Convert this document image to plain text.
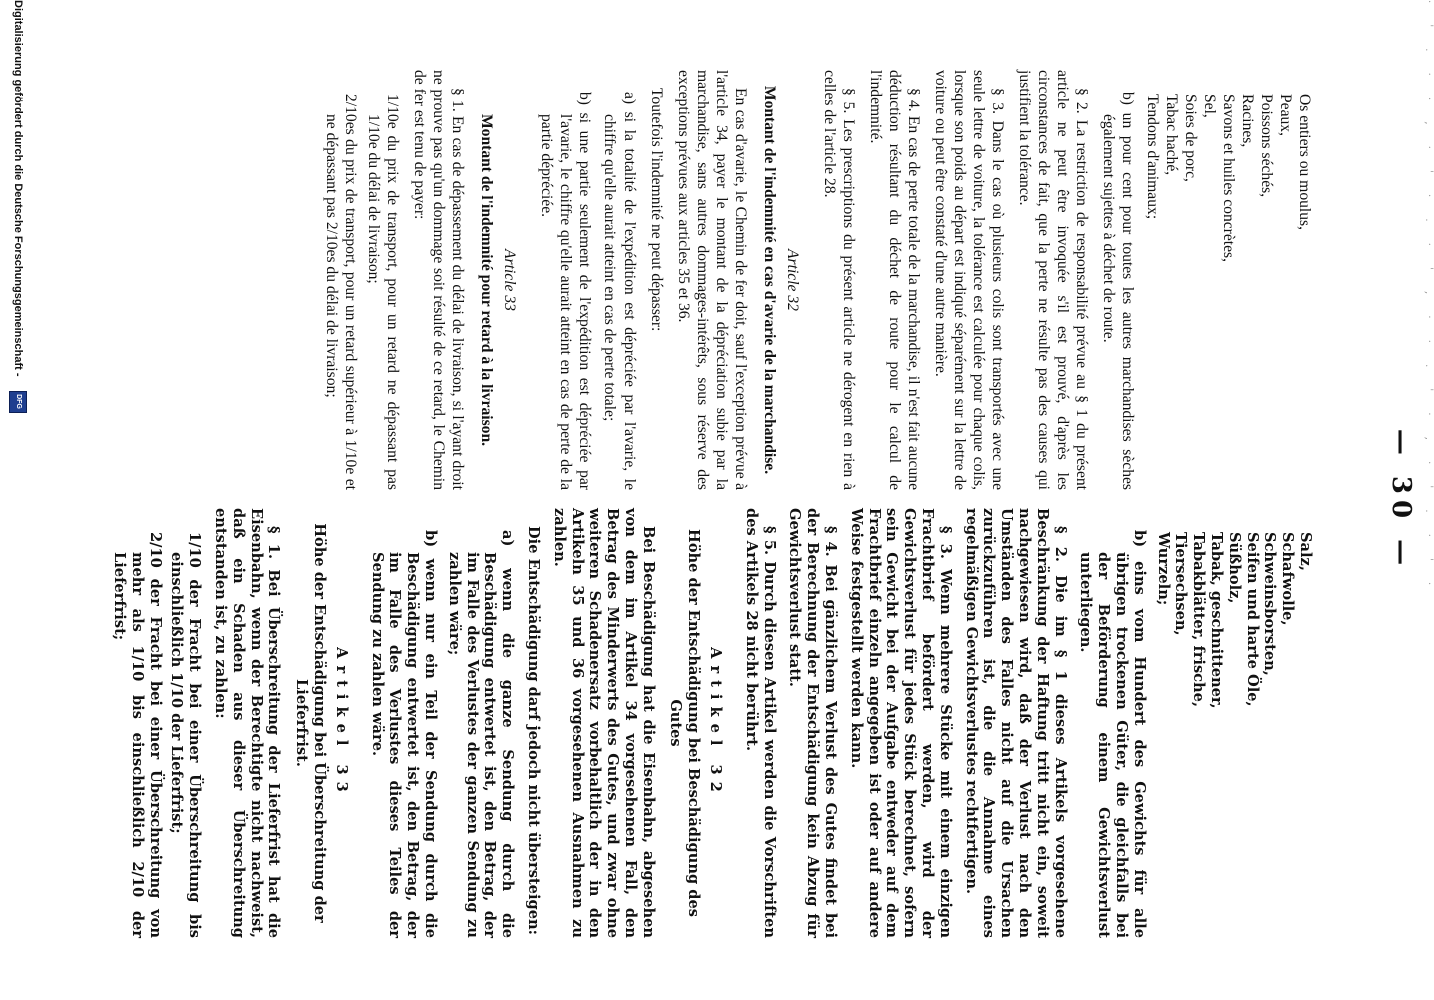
· ' . · · , · ' · . · ' , · · . ' · , · ' . · ' ·
— 30 —

Os entiers ou moulus,

Peaux,

Poissons séchés,

Racines,

Savons et huiles concrètes,

Sel,

Soies de porc,

Tabac haché,

Tendons d'animaux;

b) un pour cent pour toutes les autres marchandises sèches également sujettes à déchet de route.

§ 2. La restriction de responsabilité prévue au § 1 du présent article ne peut être invoquée s'il est prouvé, d'après les circonstances de fait, que la perte ne résulte pas des causes qui justifient la tolérance.

§ 3. Dans le cas où plusieurs colis sont transportés avec une seule lettre de voiture, la tolérance est calculée pour chaque colis, lorsque son poids au départ est indiqué séparément sur la lettre de voiture ou peut être constaté d'une autre manière.

§ 4. En cas de perte totale de la marchandise, il n'est fait aucune déduction résultant du déchet de route pour le calcul de l'indemnité.

§ 5. Les prescriptions du présent article ne dérogent en rien à celles de l'article 28.

Article 32
Montant de l'indemnité en cas d'avarie de la marchandise.

En cas d'avarie, le Chemin de fer doit, sauf l'exception prévue à l'article 34, payer le montant de la dépréciation subie par la marchandise, sans autres dommages-intérêts, sous réserve des exceptions prévues aux articles 35 et 36.

Toutefois l'indemnité ne peut dépasser:

a) si la totalité de l'expédition est dépréciée par l'avarie, le chiffre qu'elle aurait atteint en cas de perte totale;

b) si une partie seulement de l'expédition est dépréciée par l'avarie, le chiffre qu'elle aurait atteint en cas de perte de la partie dépréciée.

Article 33
Montant de l'indemnité pour retard à la livraison.

§ 1. En cas de dépassement du délai de livraison, si l'ayant droit ne prouve pas qu'un dommage soit résulté de ce retard, le Chemin de fer est tenu de payer:

1/10e du prix de transport, pour un retard ne dépassant pas 1/10e du délai de livraison;

2/10es du prix de transport, pour un retard supérieur à 1/10e et ne dépassant pas 2/10es du délai de livraison;

Salz,

Schafwolle,

Schweinsborsten,

Seifen und harte Öle,

Süßholz,

Tabak, geschnittener,

Tabakblätter, frische,

Tiersechsen,

Wurzeln;

b) eins vom Hundert des Gewichts für alle übrigen trockenen Güter, die gleichfalls bei der Beförderung einem Gewichtsverlust unterliegen.

§ 2. Die im § 1 dieses Artikels vorgesehene Beschränkung der Haftung tritt nicht ein, soweit nachgewiesen wird, daß der Verlust nach den Umständen des Falles nicht auf die Ursachen zurückzuführen ist, die die Annahme eines regelmäßigen Gewichtsverlustes rechtfertigen.

§ 3. Wenn mehrere Stücke mit einem einzigen Frachtbrief befördert werden, wird der Gewichtsverlust für jedes Stück berechnet, sofern sein Gewicht bei der Aufgabe entweder auf dem Frachtbrief einzeln angegeben ist oder auf andere Weise festgestellt werden kann.

§ 4. Bei gänzlichem Verlust des Gutes findet bei der Berechnung der Entschädigung kein Abzug für Gewichtsverlust statt.

§ 5. Durch diesen Artikel werden die Vorschriften des Artikels 28 nicht berührt.

Artikel 32
Höhe der Entschädigung bei Beschädigung des Gutes

Bei Beschädigung hat die Eisenbahn, abgesehen von dem im Artikel 34 vorgesehenen Fall, den Betrag des Minderwerts des Gutes, und zwar ohne weiteren Schadenersatz vorbehaltlich der in den Artikeln 35 und 36 vorgesehenen Ausnahmen zu zahlen.

Die Entschädigung darf jedoch nicht übersteigen:

a) wenn die ganze Sendung durch die Beschädigung entwertet ist, den Betrag, der im Falle des Verlustes der ganzen Sendung zu zahlen wäre;

b) wenn nur ein Teil der Sendung durch die Beschädigung entwertet ist, den Betrag, der im Falle des Verlustes dieses Teiles der Sendung zu zahlen wäre.

Artikel 33
Höhe der Entschädigung bei Überschreitung der Lieferfrist.

§ 1. Bei Überschreitung der Lieferfrist hat die Eisenbahn, wenn der Berechtigte nicht nachweist, daß ein Schaden aus dieser Überschreitung entstanden ist, zu zahlen:

1/10 der Fracht bei einer Überschreitung bis einschließlich 1/10 der Lieferfrist;

2/10 der Fracht bei einer Überschreitung von mehr als 1/10 bis einschließlich 2/10 der Lieferfrist;

Digitalisierung gefördert durch die Deutsche Forschungsgemeinschaft -
DFG
